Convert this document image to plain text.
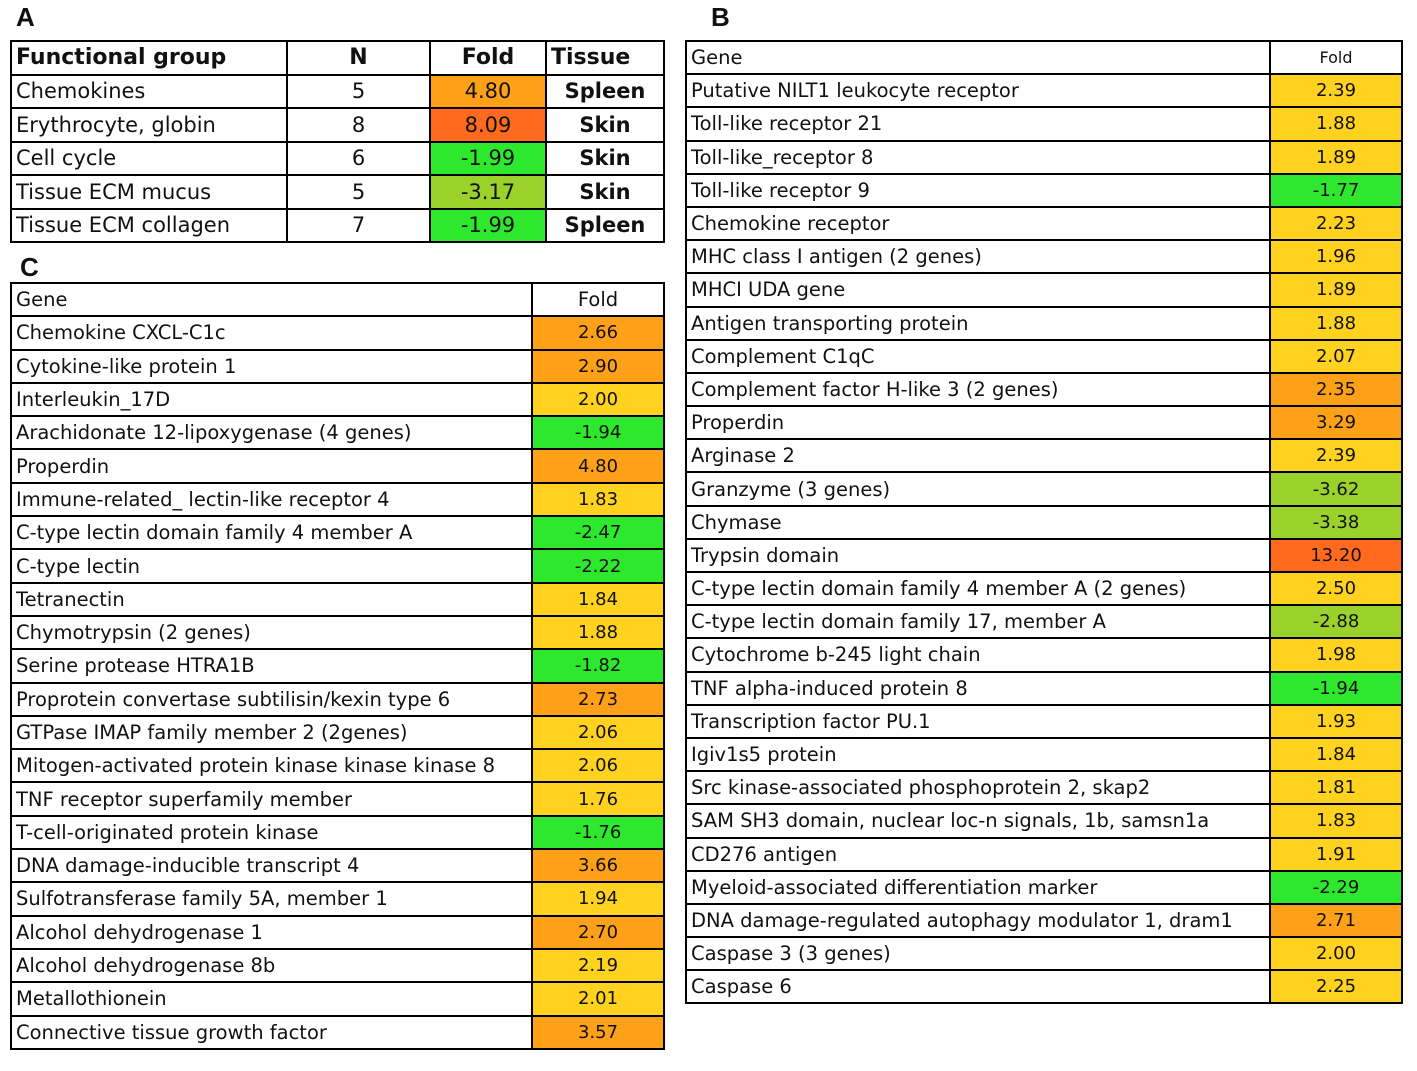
A	B
C
Functional group	N	Fold	Tissue
Chemokines	5	4.80	Spleen
Erythrocyte, globin	8	8.09	Skin
Cell cycle	6	-1.99	Skin
Tissue ECM mucus	5	-3.17	Skin
Tissue ECM collagen	7	-1.99	Spleen
Gene	Fold
Putative NILT1 leukocyte receptor	2.39
Toll-like receptor 21	1.88
Toll-like_receptor 8	1.89
Toll-like receptor 9	-1.77
Chemokine receptor	2.23
MHC class I antigen (2 genes)	1.96
MHCI UDA gene	1.89
Antigen transporting protein	1.88
Complement C1qC	2.07
Complement factor H-like 3 (2 genes)	2.35
Properdin	3.29
Arginase 2	2.39
Granzyme (3 genes)	-3.62
Chymase	-3.38
Trypsin domain	13.20
C-type lectin domain family 4 member A (2 genes)	2.50
C-type lectin domain family 17, member A	-2.88
Cytochrome b-245 light chain	1.98
TNF alpha-induced protein 8	-1.94
Transcription factor PU.1	1.93
Igiv1s5 protein	1.84
Src kinase-associated phosphoprotein 2, skap2	1.81
SAM SH3 domain, nuclear loc-n signals, 1b, samsn1a	1.83
CD276 antigen	1.91
Myeloid-associated differentiation marker	-2.29
DNA damage-regulated autophagy modulator 1, dram1	2.71
Caspase 3 (3 genes)	2.00
Caspase 6	2.25
Gene	Fold
Chemokine CXCL-C1c	2.66
Cytokine-like protein 1	2.90
Interleukin_17D	2.00
Arachidonate 12-lipoxygenase (4 genes)	-1.94
Properdin	4.80
Immune-related_ lectin-like receptor 4	1.83
C-type lectin domain family 4 member A	-2.47
C-type lectin	-2.22
Tetranectin	1.84
Chymotrypsin (2 genes)	1.88
Serine protease HTRA1B	-1.82
Proprotein convertase subtilisin/kexin type 6	2.73
GTPase IMAP family member 2 (2genes)	2.06
Mitogen-activated protein kinase kinase kinase 8	2.06
TNF receptor superfamily member	1.76
T-cell-originated protein kinase	-1.76
DNA damage-inducible transcript 4	3.66
Sulfotransferase family 5A, member 1	1.94
Alcohol dehydrogenase 1	2.70
Alcohol dehydrogenase 8b	2.19
Metallothionein	2.01
Connective tissue growth factor	3.57
